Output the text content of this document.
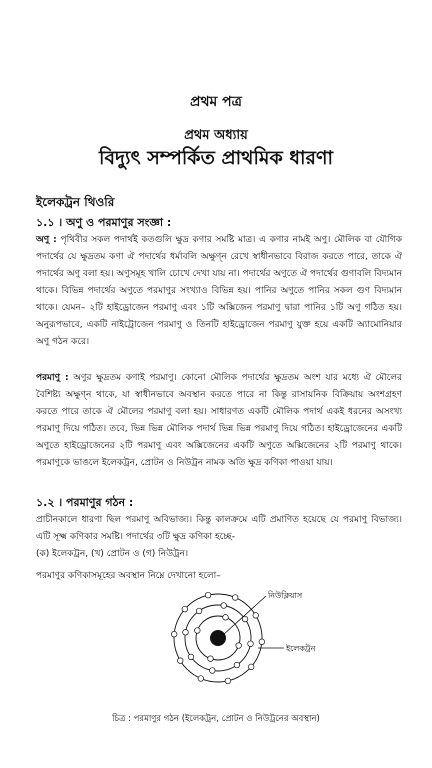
প্রথম পত্র
প্রথম অধ্যায়
বিদ্যুৎ সম্পর্কিত প্রাথমিক ধারণা
ইলেকট্রন থিওরি
১.১ । অণু ও পরমাণুর সংজ্ঞা :
অণু : পৃথিবীর সকল পদার্থই কতগুলি ক্ষুদ্র কণার সমষ্টি মাত্র। এ কণার নামই অণু। মৌলিক বা যৌগিক পদার্থের যে ক্ষুদ্রতম কণা ঐ পদার্থের ধর্মাবলি অক্ষুণ্ন রেখে স্বাধীনভাবে বিরাজ করতে পারে, তাকে ঐ পদার্থের অণু বলা হয়। অণুসমূহ খালি চোখে দেখা যায় না। পদার্থের অণুতে ঐ পদার্থের গুণাবলি বিদ্যমান থাকে। বিভিন্ন পদার্থের অণুতে পরমাণুর সংখ্যাও বিভিন্ন হয়। পানির অণুতে পানির সকল গুণ বিদ্যমান থাকে। যেমন– ২টি হাইড্রোজেন পরমাণু এবং ১টি অক্সিজেন পরমাণু দ্বারা পানির ১টি অণু গঠিত হয়। অনুরূপভাবে, একটি নাইট্রোজেন পরমাণু ও তিনটি হাইড্রোজেন পরমাণু যুক্ত হয়ে একটি অ্যামোনিয়ার অণু গঠন করে।
পরমাণু : অণুর ক্ষুদ্রতম কণাই পরমাণু। কোনো মৌলিক পদার্থের ক্ষুদ্রতম অংশ যার মধ্যে ঐ মৌলের বৈশিষ্ট্য অক্ষুণ্ন থাকে, যা স্বাধীনভাবে অবস্থান করতে পারে না কিন্তু রাসায়নিক বিক্রিয়ায় অংশগ্রহণ করতে পারে তাকে ঐ মৌলের পরমাণু বলা হয়। সাধারণত একটি মৌলিক পদার্থ একই ধরনের অসংখ্য পরমাণু দিয়ে গঠিত। তবে, ভিন্ন ভিন্ন মৌলিক পদার্থ ভিন্ন ভিন্ন পরমাণু দিয়ে গঠিত। হাইড্রোজেনের একটি অণুতে হাইড্রোজেনের ২টি পরমাণু এবং অক্সিজেনের একটি অণুতে অক্সিজেনের ২টি পরমাণু থাকে। পরমাণুকে ভাঙলে ইলেকট্রন, প্রোটন ও নিউট্রন নামক অতি ক্ষুদ্র কণিকা পাওয়া যায়।
১.২ । পরমাণুর গঠন :
প্রাচীনকালে ধারণা ছিল পরমাণু অবিভাজ্য। কিন্তু কালক্রমে এটি প্রমাণিত হয়েছে যে পরমাণু বিভাজ্য। এটি সূক্ষ্ম কণিকার সমষ্টি। পদার্থের ৩টি ক্ষুদ্র কণিকা হচ্ছে-
(ক) ইলেকট্রন, (খ) প্রোটন ও (গ) নিউট্রন।
পরমাণুর কণিকাসমূহের অবস্থান নিম্নে দেখানো হলো–
নিউক্লিয়াস
ইলেকট্রন
চিত্র : পরমাণুর গঠন (ইলেকট্রন, প্রোটন ও নিউট্রনের অবস্থান)
